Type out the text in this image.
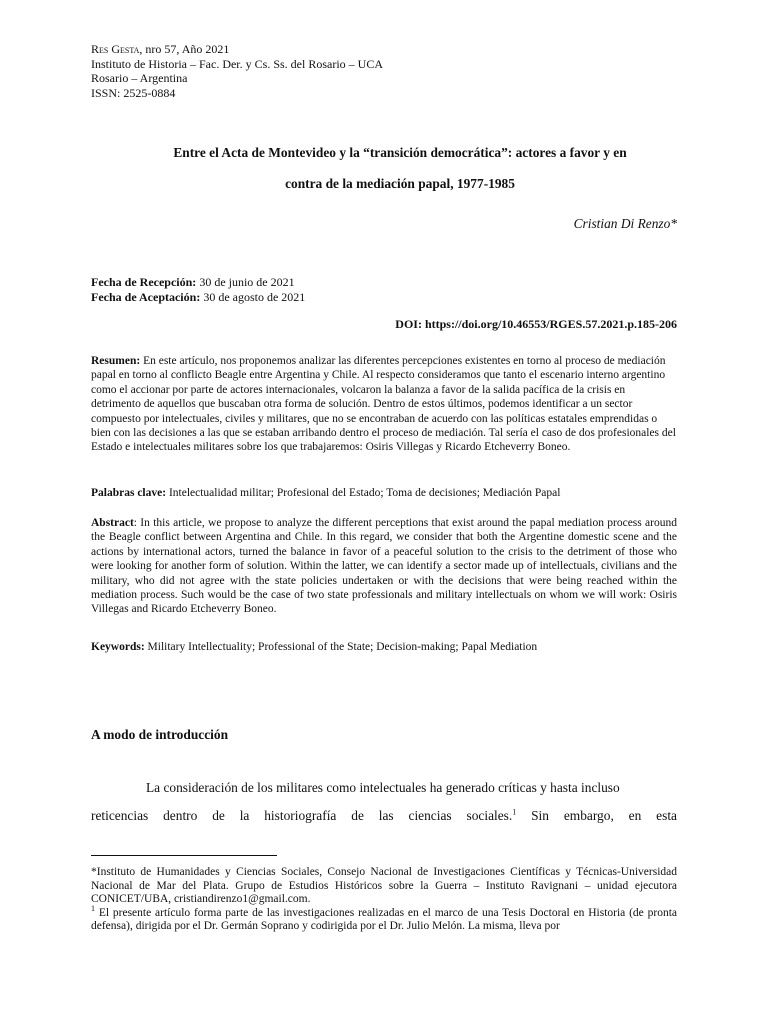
Res Gesta, nro 57, Año 2021
Instituto de Historia – Fac. Der. y Cs. Ss. del Rosario – UCA
Rosario – Argentina
ISSN: 2525-0884
Entre el Acta de Montevideo y la “transición democrática”: actores a favor y en
contra de la mediación papal, 1977-1985
Cristian Di Renzo*
Fecha de Recepción: 30 de junio de 2021
Fecha de Aceptación: 30 de agosto de 2021
DOI: https://doi.org/10.46553/RGES.57.2021.p.185-206
Resumen: En este artículo, nos proponemos analizar las diferentes percepciones existentes en torno al proceso de mediación papal en torno al conflicto Beagle entre Argentina y Chile. Al respecto consideramos que tanto el escenario interno argentino como el accionar por parte de actores internacionales, volcaron la balanza a favor de la salida pacífica de la crisis en detrimento de aquellos que buscaban otra forma de solución. Dentro de estos últimos, podemos identificar a un sector compuesto por intelectuales, civiles y militares, que no se encontraban de acuerdo con las políticas estatales emprendidas o bien con las decisiones a las que se estaban arribando dentro el proceso de mediación. Tal sería el caso de dos profesionales del Estado e intelectuales militares sobre los que trabajaremos: Osiris Villegas y Ricardo Etcheverry Boneo.
Palabras clave: Intelectualidad militar; Profesional del Estado; Toma de decisiones; Mediación Papal
Abstract: In this article, we propose to analyze the different perceptions that exist around the papal mediation process around the Beagle conflict between Argentina and Chile. In this regard, we consider that both the Argentine domestic scene and the actions by international actors, turned the balance in favor of a peaceful solution to the crisis to the detriment of those who were looking for another form of solution. Within the latter, we can identify a sector made up of intellectuals, civilians and the military, who did not agree with the state policies undertaken or with the decisions that were being reached within the mediation process. Such would be the case of two state professionals and military intellectuals on whom we will work: Osiris Villegas and Ricardo Etcheverry Boneo.
Keywords: Military Intellectuality; Professional of the State; Decision-making; Papal Mediation
A modo de introducción
La consideración de los militares como intelectuales ha generado críticas y hasta incluso
reticencias dentro de la historiografía de las ciencias sociales.$^1$ Sin embargo, en esta

*Instituto de Humanidades y Ciencias Sociales, Consejo Nacional de Investigaciones Científicas y Técnicas-Universidad Nacional de Mar del Plata. Grupo de Estudios Históricos sobre la Guerra – Instituto Ravignani – unidad ejecutora CONICET/UBA, cristiandirenzo1@gmail.com.

$^1$ El presente artículo forma parte de las investigaciones realizadas en el marco de una Tesis Doctoral en Historia (de pronta defensa), dirigida por el Dr. Germán Soprano y codirigida por el Dr. Julio Melón. La misma, lleva por
